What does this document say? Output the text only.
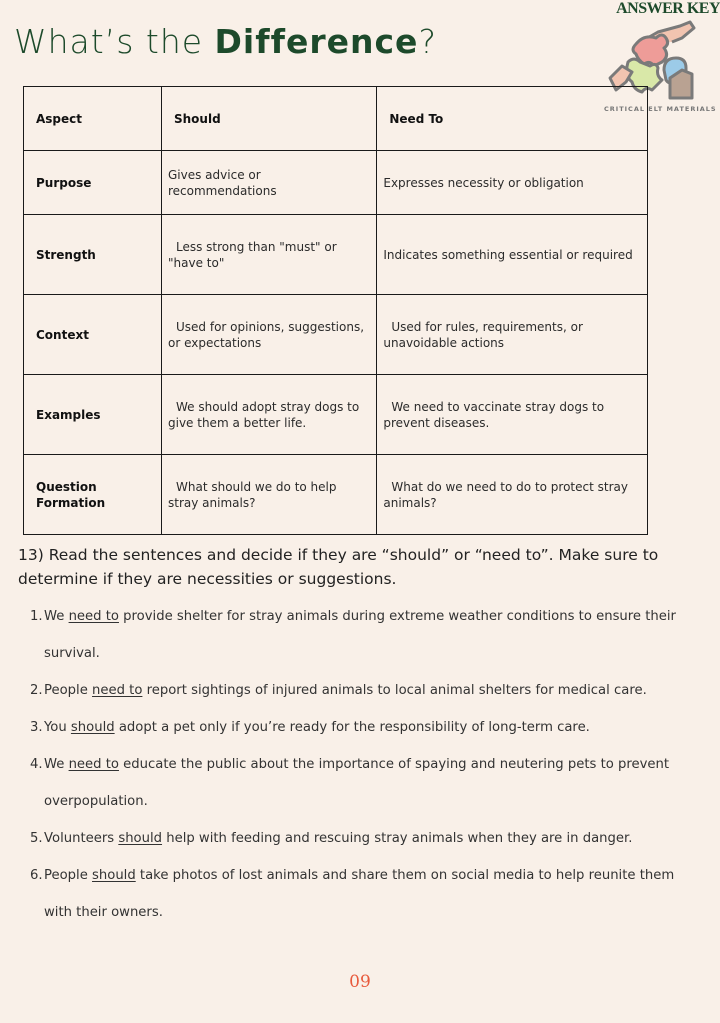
What’s the Difference?
ANSWER KEY
CRITICAL ELT MATERIALS
Aspect	Should	Need To
Purpose	Gives advice or recommendations	Expresses necessity or obligation
Strength	Less strong than "must" or "have to"	Indicates something essential or required
Context	Used for opinions, suggestions, or expectations	Used for rules, requirements, or unavoidable actions
Examples	We should adopt stray dogs to give them a better life.	We need to vaccinate stray dogs to prevent diseases.
Question Formation	What should we do to help stray animals?	What do we need to do to protect stray animals?
13) Read the sentences and decide if they are “should” or “need to”. Make sure to determine if they are necessities or suggestions.
1. We need to provide shelter for stray animals during extreme weather conditions to ensure their
survival.
2. People need to report sightings of injured animals to local animal shelters for medical care.
3. You should adopt a pet only if you’re ready for the responsibility of long-term care.
4. We need to educate the public about the importance of spaying and neutering pets to prevent
overpopulation.
5. Volunteers should help with feeding and rescuing stray animals when they are in danger.
6. People should take photos of lost animals and share them on social media to help reunite them
with their owners.
09
